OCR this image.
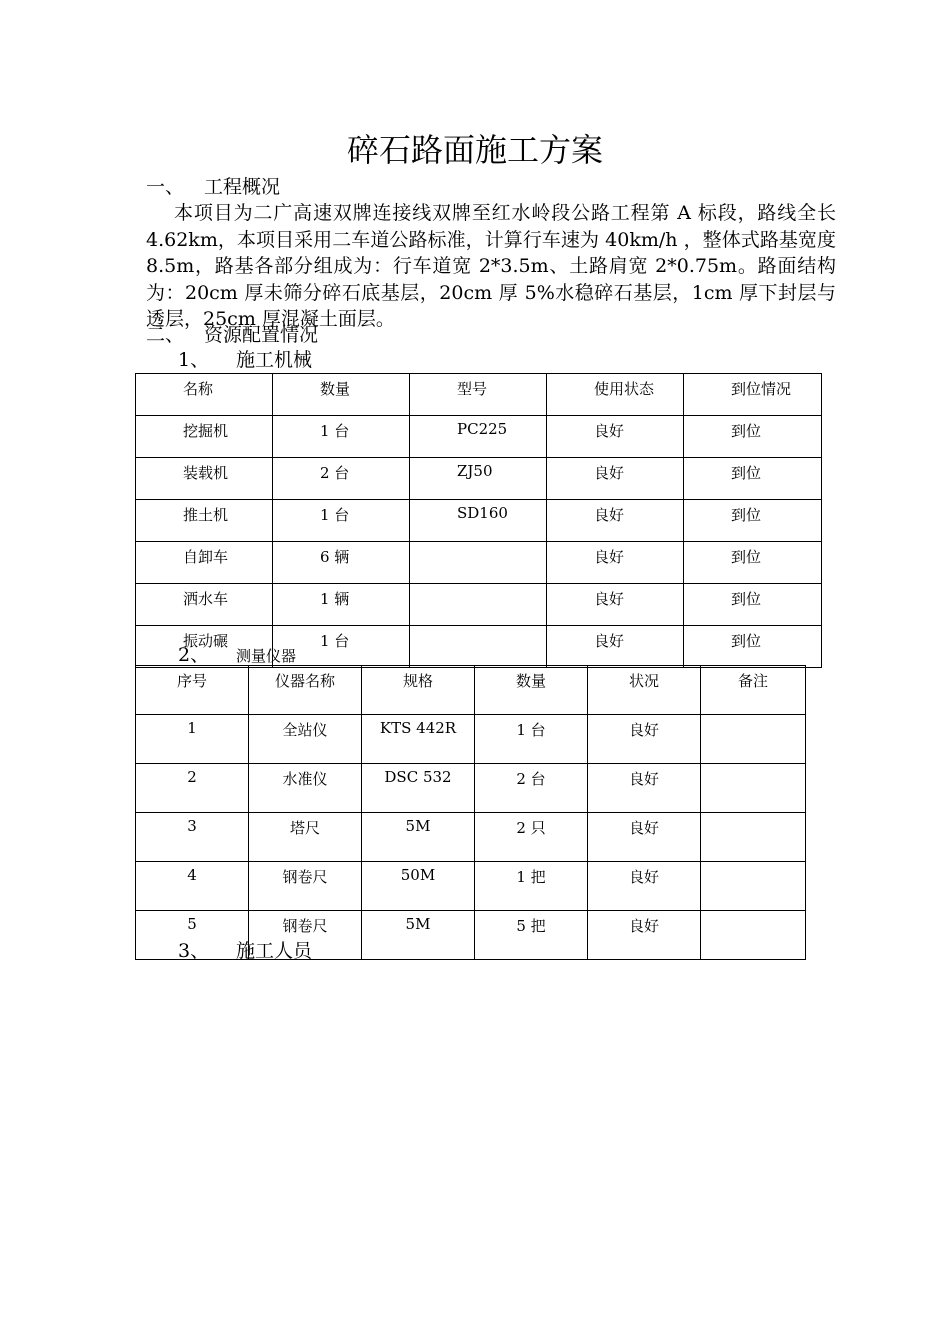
碎石路面施工方案
一、 工程概况
本项目为二广高速双牌连接线双牌至红水岭段公路工程第 A 标段，路线全长 4.62km，本项目采用二车道公路标准，计算行车速为 40km/h ，整体式路基宽度 8.5m，路基各部分组成为：行车道宽 2*3.5m、土路肩宽 2*0.75m。路面结构为：20cm 厚未筛分碎石底基层，20cm 厚 5%水稳碎石基层，1cm 厚下封层与透层，25cm 厚混凝土面层。
二、 资源配置情况
1、 施工机械
名称	数量	型号	使用状态	到位情况
挖掘机	1 台	PC225	良好	到位
装载机	2 台	ZJ50	良好	到位
推土机	1 台	SD160	良好	到位
自卸车	6 辆		良好	到位
洒水车	1 辆		良好	到位
振动碾	1 台		良好	到位
2、 测量仪器
序号	仪器名称	规格	数量	状况	备注
1	全站仪	KTS 442R	1 台	良好	
2	水准仪	DSC 532	2 台	良好	
3	塔尺	5M	2 只	良好	
4	钢卷尺	50M	1 把	良好	
5	钢卷尺	5M	5 把	良好	
3、 施工人员
